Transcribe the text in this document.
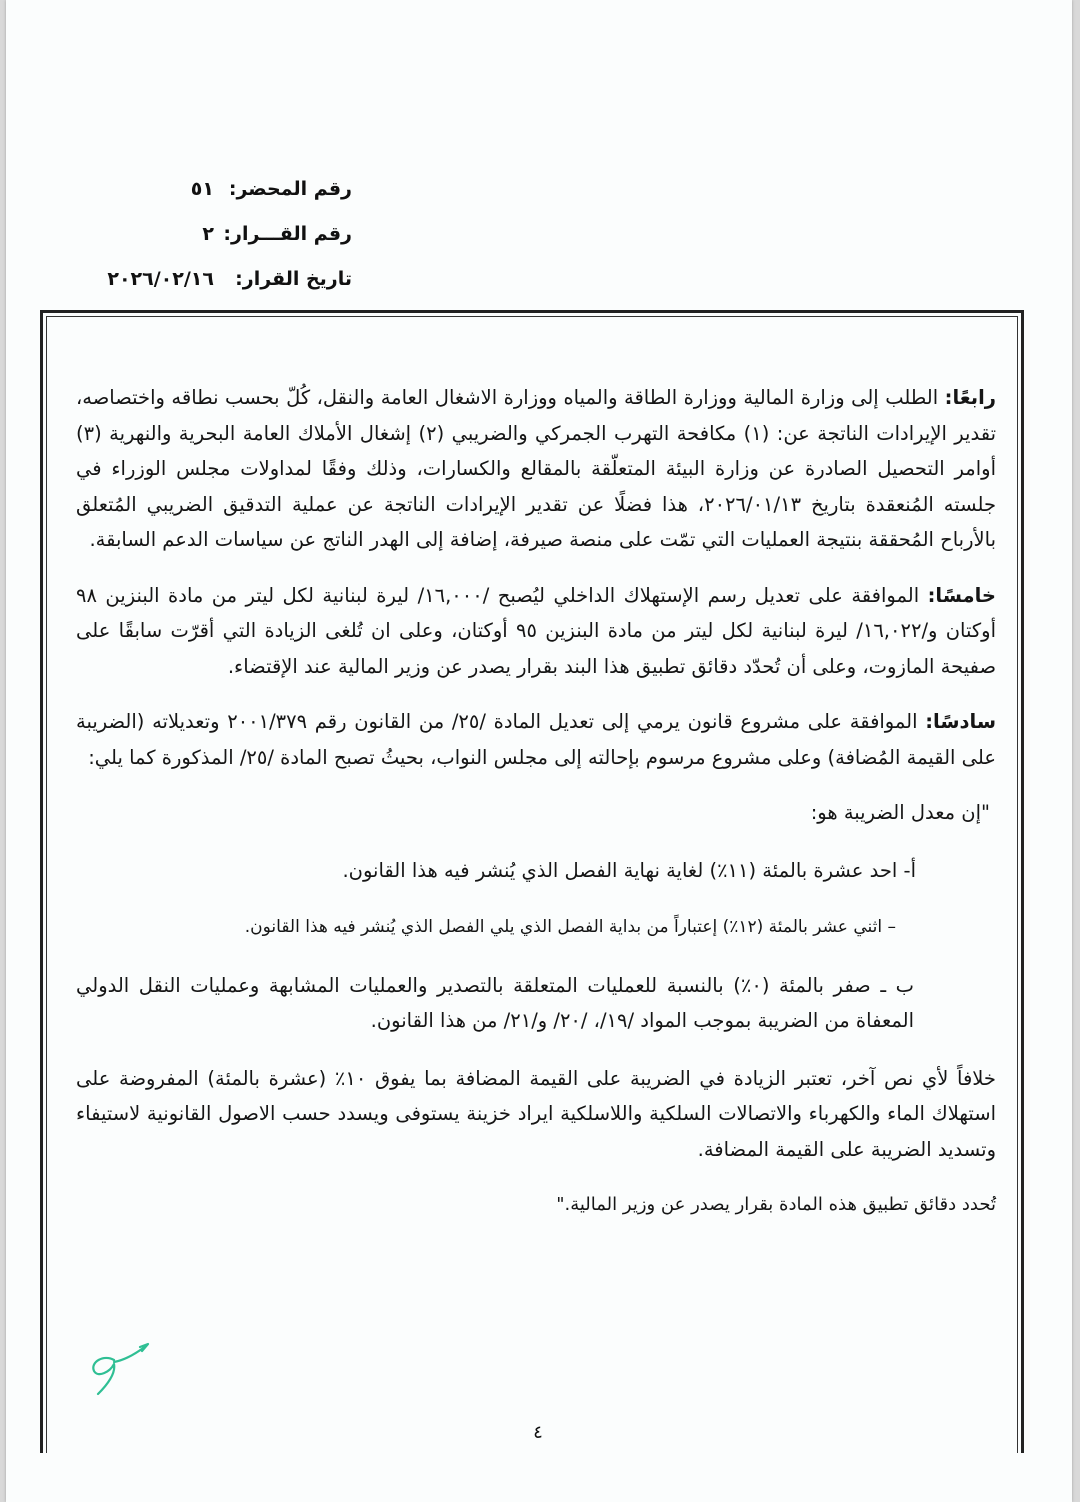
رقم المحضر:
٥١
رقم القـــرار:
٢
تاريخ القرار:
٢٠٢٦/٠٢/١٦

رابعًا: الطلب إلى وزارة المالية ووزارة الطاقة والمياه ووزارة الاشغال العامة والنقل، كُلّ بحسب نطاقه واختصاصه، تقدير الإيرادات الناتجة عن: (١) مكافحة التهرب الجمركي والضريبي (٢) إشغال الأملاك العامة البحرية والنهرية (٣) أوامر التحصيل الصادرة عن وزارة البيئة المتعلّقة بالمقالع والكسارات، وذلك وفقًا لمداولات مجلس الوزراء في جلسته المُنعقدة بتاريخ ٢٠٢٦/٠١/١٣، هذا فضلًا عن تقدير الإيرادات الناتجة عن عملية التدقيق الضريبي المُتعلق بالأرباح المُحققة بنتيجة العمليات التي تمّت على منصة صيرفة، إضافة إلى الهدر الناتج عن سياسات الدعم السابقة.

خامسًا: الموافقة على تعديل رسم الإستهلاك الداخلي ليُصبح /١٦,٠٠٠/ ليرة لبنانية لكل ليتر من مادة البنزين ٩٨ أوكتان و/١٦,٠٢٢/ ليرة لبنانية لكل ليتر من مادة البنزين ٩٥ أوكتان، وعلى ان تُلغى الزيادة التي أقرّت سابقًا على صفيحة المازوت، وعلى أن تُحدّد دقائق تطبيق هذا البند بقرار يصدر عن وزير المالية عند الإقتضاء.

سادسًا: الموافقة على مشروع قانون يرمي إلى تعديل المادة /٢٥/ من القانون رقم ٢٠٠١/٣٧٩ وتعديلاته (الضريبة على القيمة المُضافة) وعلى مشروع مرسوم بإحالته إلى مجلس النواب، بحيثُ تصبح المادة /٢٥/ المذكورة كما يلي:

"إن معدل الضريبة هو:

أ- احد عشرة بالمئة (١١٪) لغاية نهاية الفصل الذي يُنشر فيه هذا القانون.

– اثني عشر بالمئة (١٢٪) إعتباراً من بداية الفصل الذي يلي الفصل الذي يُنشر فيه هذا القانون.

ب ـ صفر بالمئة (٠٪) بالنسبة للعمليات المتعلقة بالتصدير والعمليات المشابهة وعمليات النقل الدولي المعفاة من الضريبة بموجب المواد /١٩/، /٢٠/ و/٢١/ من هذا القانون.

خلافاً لأي نص آخر، تعتبر الزيادة في الضريبة على القيمة المضافة بما يفوق ١٠٪ (عشرة بالمئة) المفروضة على استهلاك الماء والكهرباء والاتصالات السلكية واللاسلكية ايراد خزينة يستوفى ويسدد حسب الاصول القانونية لاستيفاء وتسديد الضريبة على القيمة المضافة.

تُحدد دقائق تطبيق هذه المادة بقرار يصدر عن وزير المالية."

٤
